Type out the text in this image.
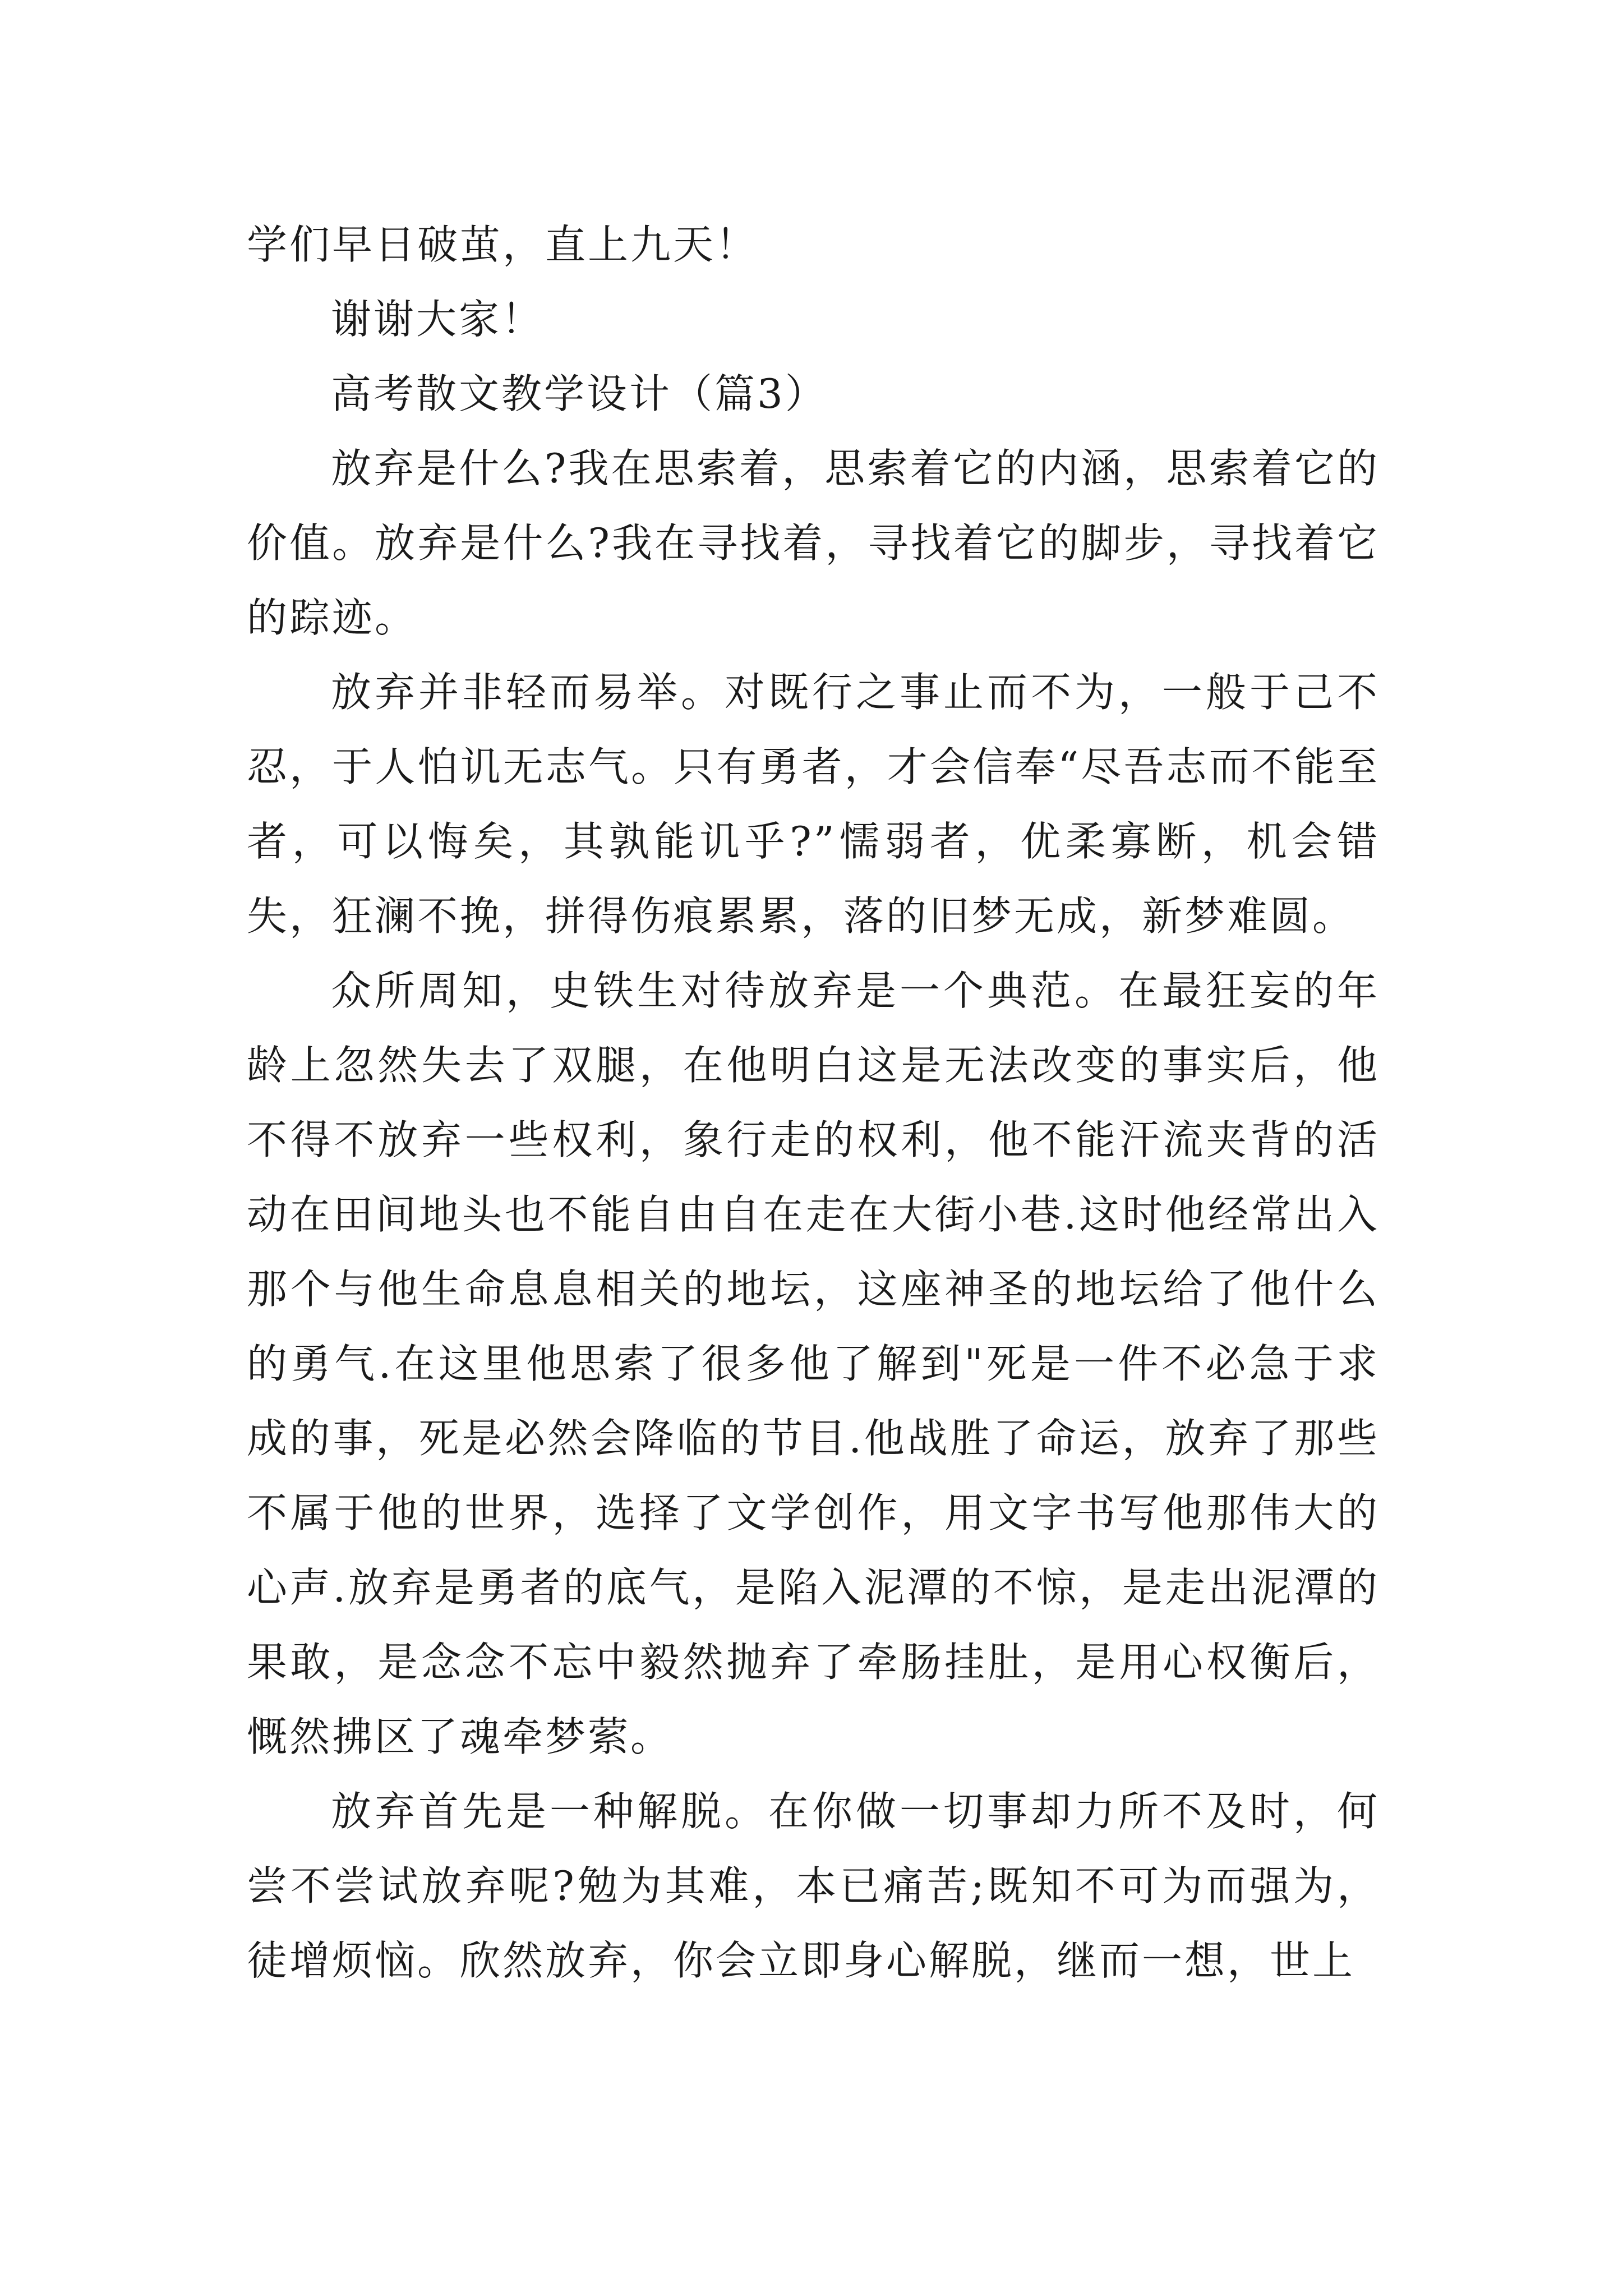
学们早日破茧，直上九天！

谢谢大家！

高考散文教学设计（篇3）

放弃是什么?我在思索着，思索着它的内涵，思索着它的价值。放弃是什么?我在寻找着，寻找着它的脚步，寻找着它的踪迹。

放弃并非轻而易举。对既行之事止而不为，一般于己不忍，于人怕讥无志气。只有勇者，才会信奉“尽吾志而不能至者，可以悔矣，其孰能讥乎?”懦弱者，优柔寡断，机会错失，狂澜不挽，拼得伤痕累累，落的旧梦无成，新梦难圆。

众所周知，史铁生对待放弃是一个典范。在最狂妄的年龄上忽然失去了双腿，在他明白这是无法改变的事实后，他不得不放弃一些权利，象行走的权利，他不能汗流夹背的活动在田间地头也不能自由自在走在大街小巷.这时他经常出入那个与他生命息息相关的地坛，这座神圣的地坛给了他什么的勇气.在这里他思索了很多他了解到"死是一件不必急于求成的事，死是必然会降临的节目.他战胜了命运，放弃了那些不属于他的世界，选择了文学创作，用文字书写他那伟大的心声.放弃是勇者的底气，是陷入泥潭的不惊，是走出泥潭的果敢，是念念不忘中毅然抛弃了牵肠挂肚，是用心权衡后，慨然拂区了魂牵梦萦。

放弃首先是一种解脱。在你做一切事却力所不及时，何尝不尝试放弃呢?勉为其难，本已痛苦;既知不可为而强为，徒增烦恼。欣然放弃，你会立即身心解脱，继而一想，世上
